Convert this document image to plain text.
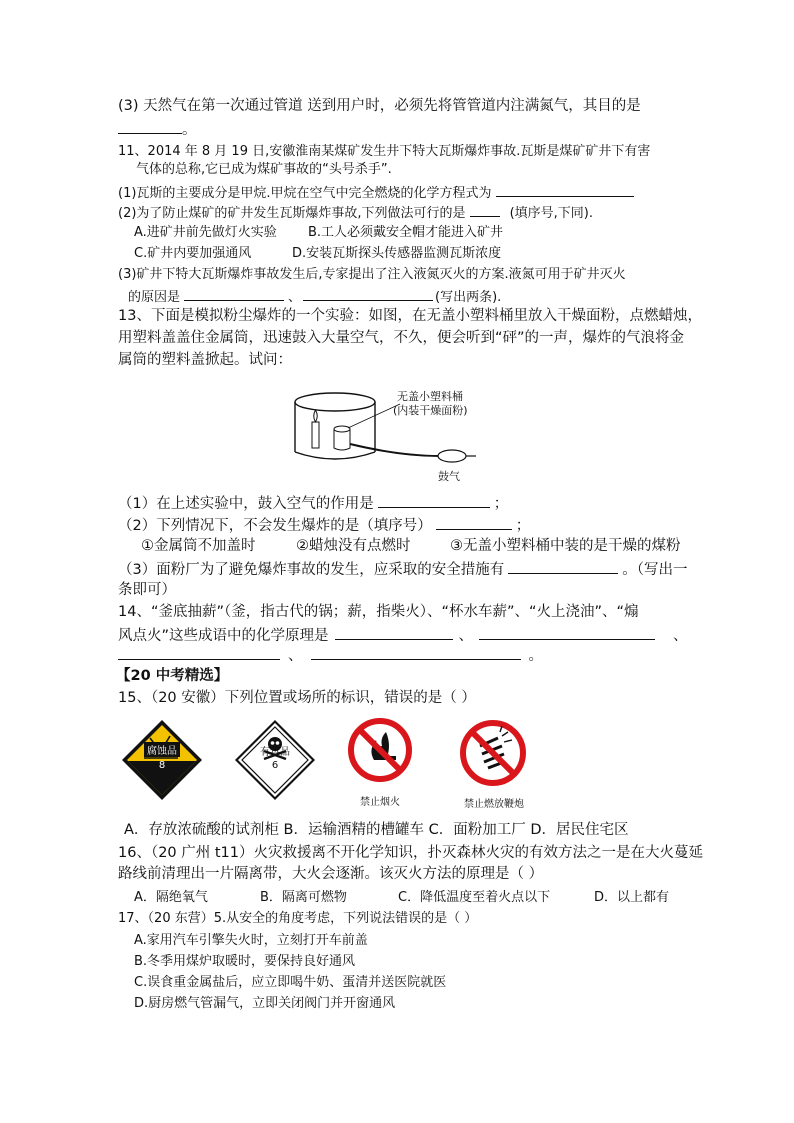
(3) 天然气在第一次通过管道 送到用户时，必须先将管管道内注满氮气，其目的是
。
11、2014 年 8 月 19 日,安徽淮南某煤矿发生井下特大瓦斯爆炸事故.瓦斯是煤矿矿井下有害
气体的总称,它已成为煤矿事故的“头号杀手”.
(1)瓦斯的主要成分是甲烷.甲烷在空气中完全燃烧的化学方程式为
(2)为了防止煤矿的矿井发生瓦斯爆炸事故,下列做法可行的是	(填序号,下同).
A.进矿井前先做灯火实验 B.工人必须戴安全帽才能进入矿井
C.矿井内要加强通风	D.安装瓦斯探头传感器监测瓦斯浓度
(3)矿井下特大瓦斯爆炸事故发生后,专家提出了注入液氮灭火的方案.液氮可用于矿井灭火
的原因是	、	(写出两条).
13、下面是模拟粉尘爆炸的一个实验：如图，在无盖小塑料桶里放入干燥面粉，点燃蜡烛，
用塑料盖盖住金属筒，迅速鼓入大量空气，不久，便会听到“砰”的一声，爆炸的气浪将金
属筒的塑料盖掀起。试问：
无盖小塑料桶
(内装干燥面粉)
鼓气
（1）在上述实验中，鼓入空气的作用是	；
（2）下列情况下，不会发生爆炸的是（填序号）	；
①金属筒不加盖时	②蜡烛没有点燃时	③无盖小塑料桶中装的是干燥的煤粉
（3）面粉厂为了避免爆炸事故的发生，应采取的安全措施有	。（写出一
条即可）
14、“釜底抽薪”（釜，指古代的锅；薪，指柴火）、“杯水车薪”、“火上浇油”、“煽
风点火”这些成语中的化学原理是	、	、
、	。
【20 中考精选】
15、（20 安徽）下列位置或场所的标识，错误的是（ ）
腐蚀品
8
有毒品
6
禁止烟火	禁止燃放鞭炮
A．存放浓硫酸的试剂柜 B．运输酒精的槽罐车 C．面粉加工厂 D．居民住宅区
16、（20 广州 t11）火灾救援离不开化学知识，扑灭森林火灾的有效方法之一是在大火蔓延
路线前清理出一片隔离带，大火会逐渐。该灭火方法的原理是（ ）
A．隔绝氧气	B．隔离可燃物	C．降低温度至着火点以下	D．以上都有
17、（20 东营）5.从安全的角度考虑，下列说法错误的是（ ）
A.家用汽车引擎失火时，立刻打开车前盖
B.冬季用煤炉取暖时，要保持良好通风
C.误食重金属盐后，应立即喝牛奶、蛋清并送医院就医
D.厨房燃气管漏气，立即关闭阀门并开窗通风
